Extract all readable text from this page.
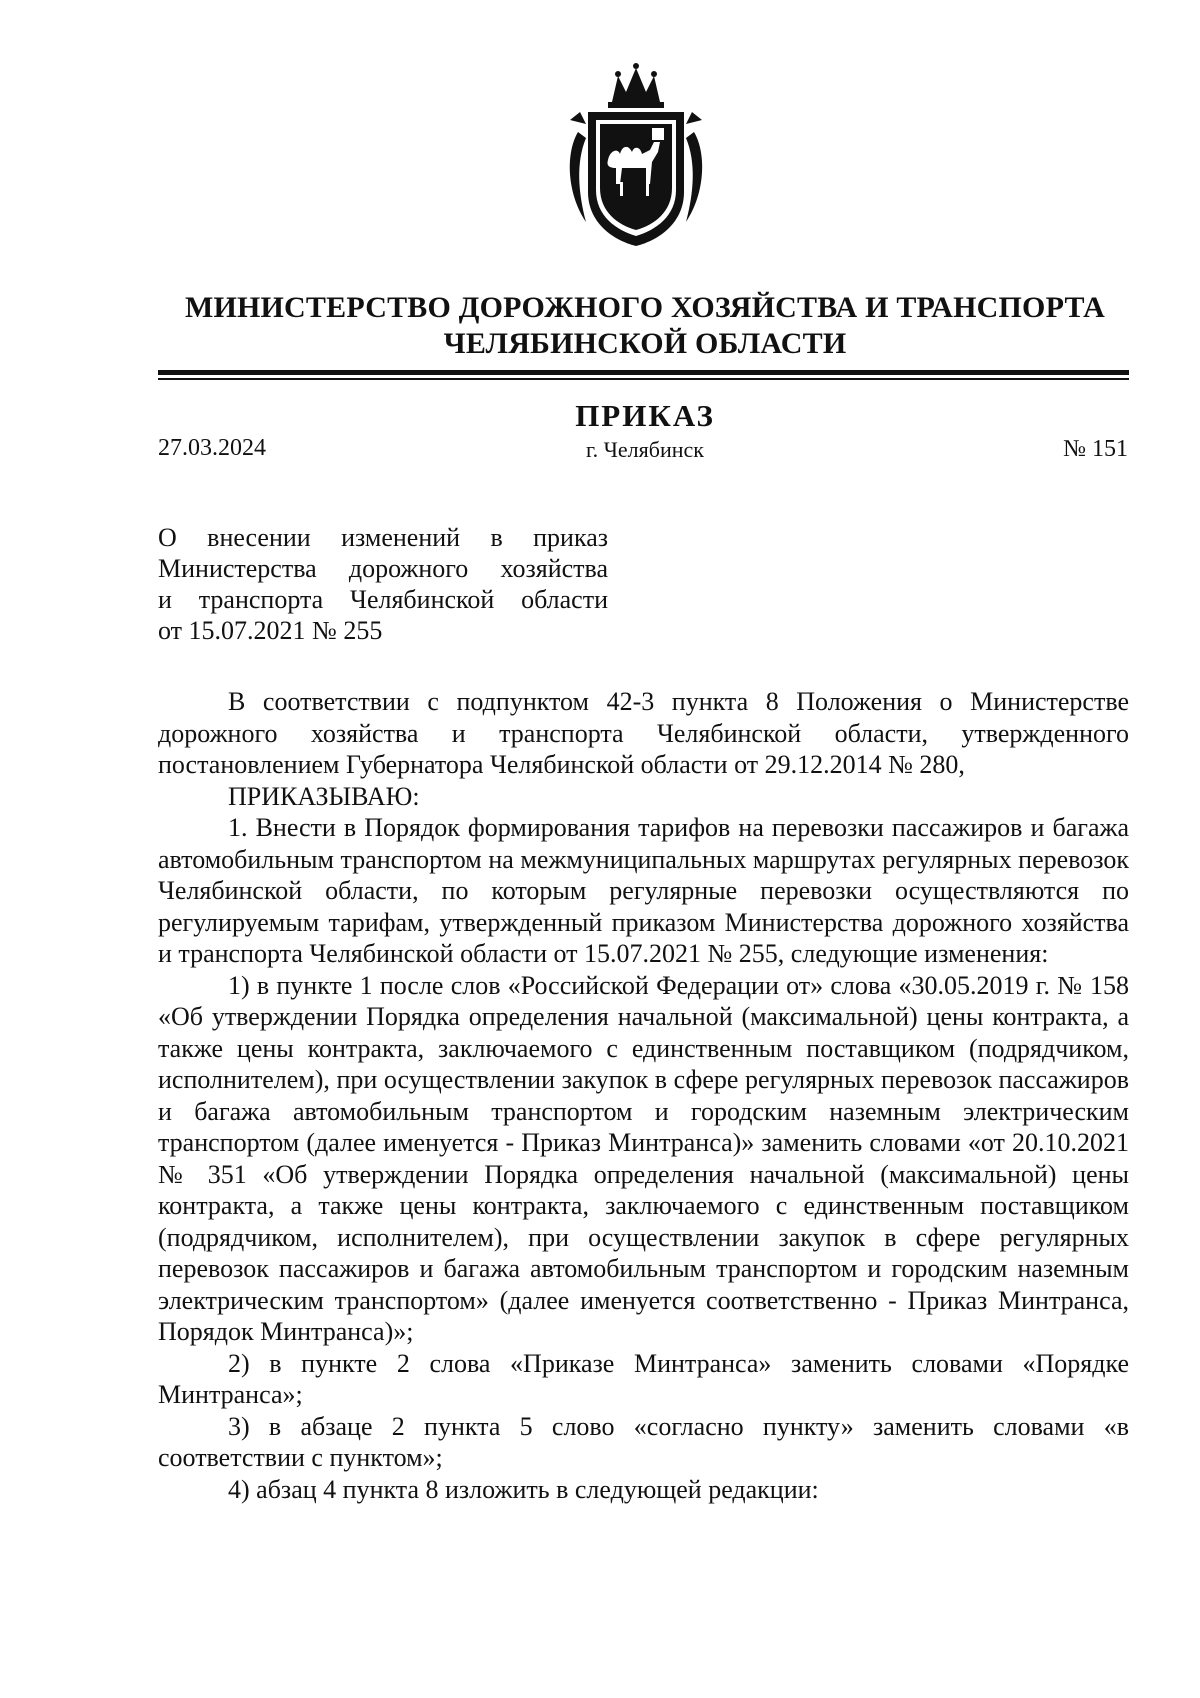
МИНИСТЕРСТВО ДОРОЖНОГО ХОЗЯЙСТВА И ТРАНСПОРТА
ЧЕЛЯБИНСКОЙ ОБЛАСТИ
ПРИКАЗ
27.03.2024	г. Челябинск	№ 151
О внесении изменений в приказ
Министерства дорожного хозяйства
и транспорта Челябинской области
от 15.07.2021 № 255

В соответствии с подпунктом 42-3 пункта 8 Положения о Министерстве дорожного хозяйства и транспорта Челябинской области, утвержденного постановлением Губернатора Челябинской области от 29.12.2014 № 280,

ПРИКАЗЫВАЮ:

1. Внести в Порядок формирования тарифов на перевозки пассажиров и багажа автомобильным транспортом на межмуниципальных маршрутах регулярных перевозок Челябинской области, по которым регулярные перевозки осуществляются по регулируемым тарифам, утвержденный приказом Министерства дорожного хозяйства и транспорта Челябинской области от 15.07.2021 № 255, следующие изменения:

1) в пункте 1 после слов «Российской Федерации от» слова «30.05.2019 г. № 158 «Об утверждении Порядка определения начальной (максимальной) цены контракта, а также цены контракта, заключаемого с единственным поставщиком (подрядчиком, исполнителем), при осуществлении закупок в сфере регулярных перевозок пассажиров и багажа автомобильным транспортом и городским наземным электрическим транспортом (далее именуется - Приказ Минтранса)» заменить словами «от 20.10.2021 № 351 «Об утверждении Порядка определения начальной (максимальной) цены контракта, а также цены контракта, заключаемого с единственным поставщиком (подрядчиком, исполнителем), при осуществлении закупок в сфере регулярных перевозок пассажиров и багажа автомобильным транспортом и городским наземным электрическим транспортом» (далее именуется соответственно - Приказ Минтранса, Порядок Минтранса)»;

2) в пункте 2 слова «Приказе Минтранса» заменить словами «Порядке Минтранса»;

3) в абзаце 2 пункта 5 слово «согласно пункту» заменить словами «в соответствии с пунктом»;

4) абзац 4 пункта 8 изложить в следующей редакции:
